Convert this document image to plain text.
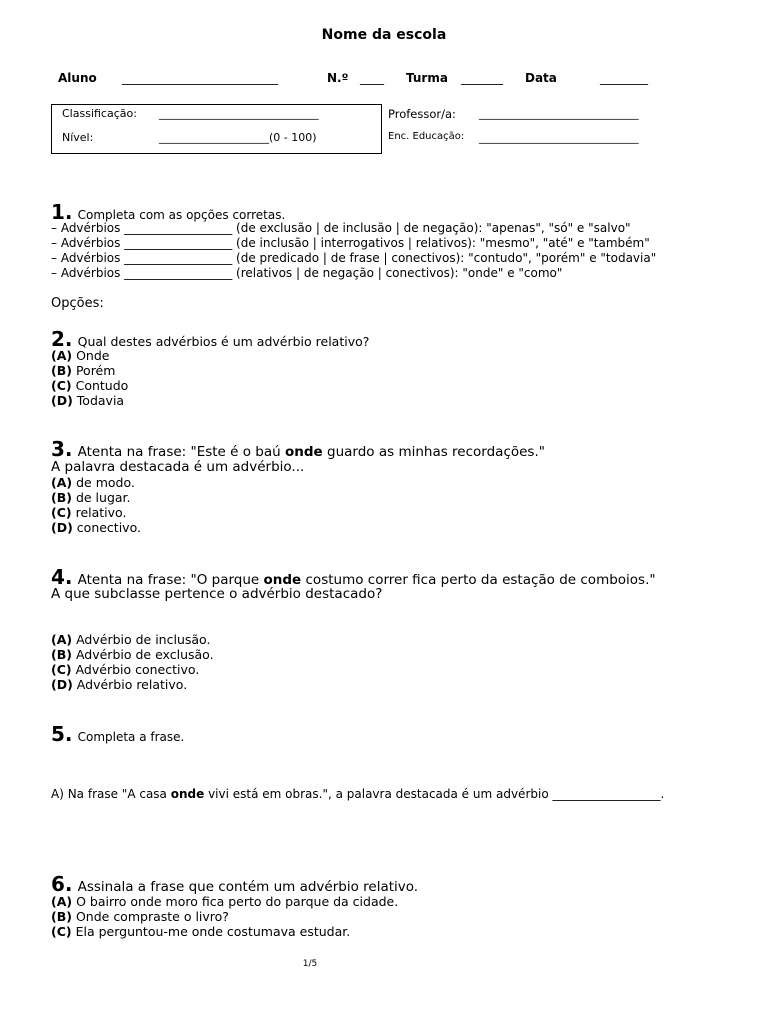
Nome da escola
Aluno __________________________	N.º ____ Turma _______ Data	________
Classificação: _____________________________
Nível:	____________________(0 - 100)
Professor/a: _____________________________
Enc. Educação: _____________________________
1. Completa com as opções corretas.
– Advérbios __________________ (de exclusão | de inclusão | de negação): "apenas", "só" e "salvo"
– Advérbios __________________ (de inclusão | interrogativos | relativos): "mesmo", "até" e "também"
– Advérbios __________________ (de predicado | de frase | conectivos): "contudo", "porém" e "todavia"
– Advérbios __________________ (relativos | de negação | conectivos): "onde" e "como"
Opções:
2. Qual destes advérbios é um advérbio relativo?
(A) Onde
(B) Porém
(C) Contudo
(D) Todavia
3. Atenta na frase: "Este é o baú onde guardo as minhas recordações."
A palavra destacada é um advérbio...
(A) de modo.
(B) de lugar.
(C) relativo.
(D) conectivo.
4. Atenta na frase: "O parque onde costumo correr fica perto da estação de comboios."
A que subclasse pertence o advérbio destacado?
(A) Advérbio de inclusão.
(B) Advérbio de exclusão.
(C) Advérbio conectivo.
(D) Advérbio relativo.
5. Completa a frase.
A) Na frase "A casa onde vivi está em obras.", a palavra destacada é um advérbio __________________.
6. Assinala a frase que contém um advérbio relativo.
(A) O bairro onde moro fica perto do parque da cidade.
(B) Onde compraste o livro?
(C) Ela perguntou-me onde costumava estudar.
1/5
